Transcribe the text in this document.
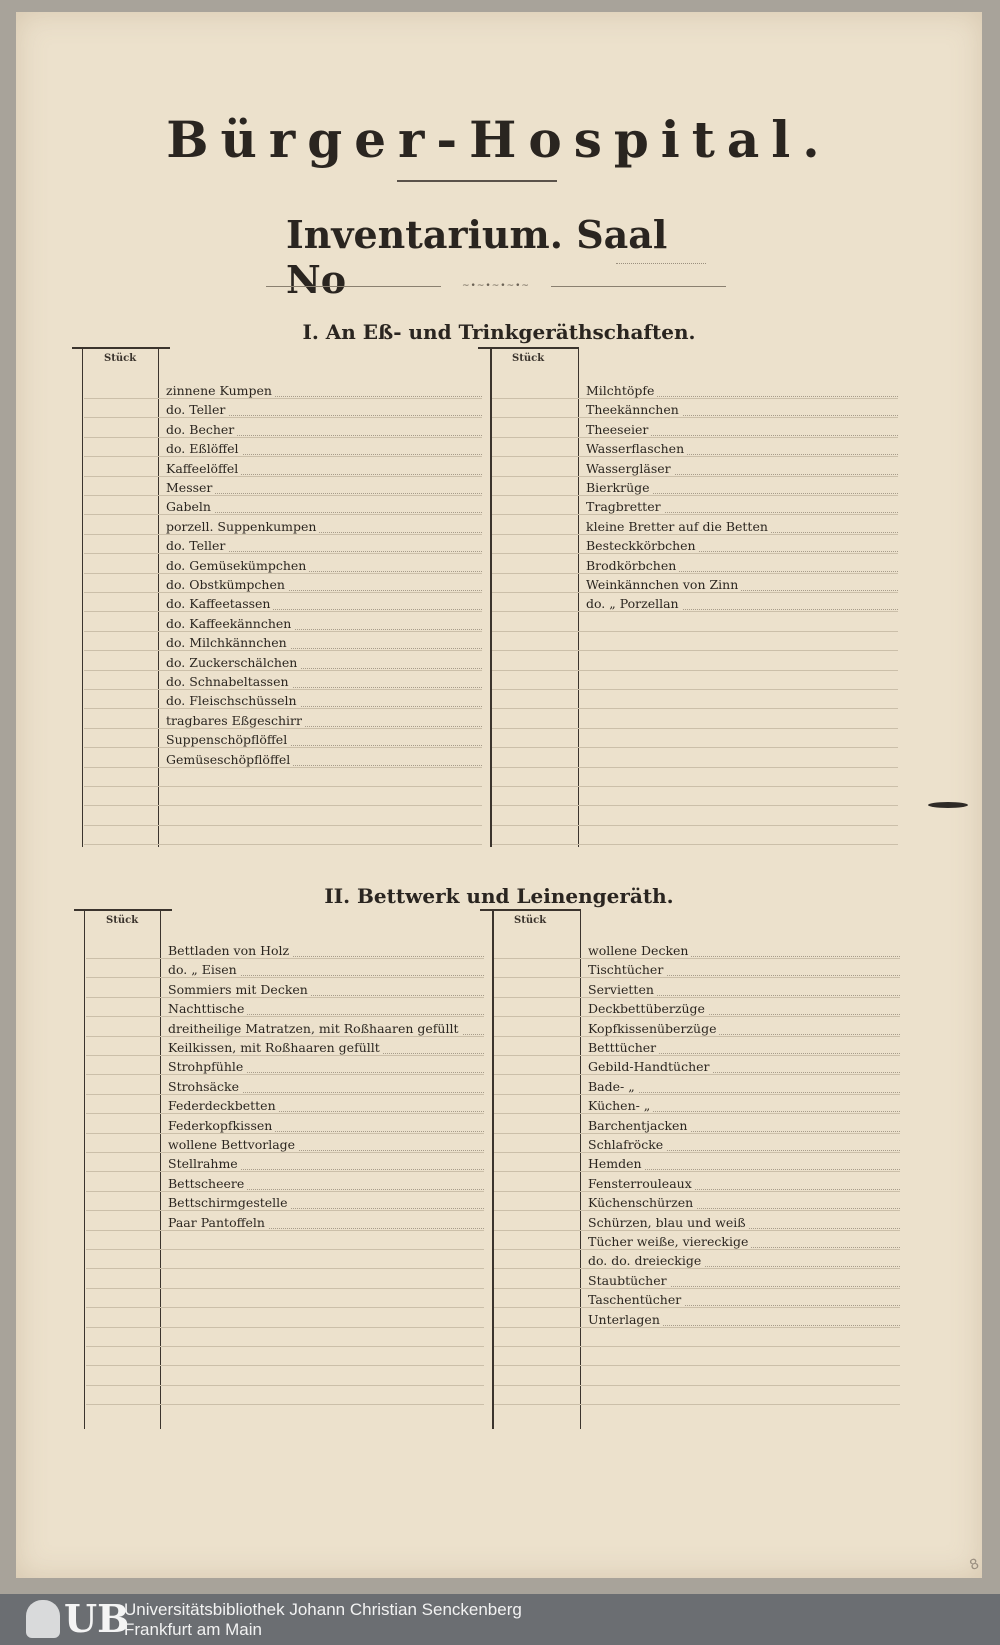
Bürger-Hospital.
Inventarium. Saal No	~•~•~•~•~
I. An Eß- und Trinkgeräthschaften.
II. Bettwerk und Leinengeräth.
Stück
zinnene Kumpen
do. Teller
do. Becher
do. Eßlöffel
Kaffeelöffel
Messer
Gabeln
porzell. Suppenkumpen
do. Teller
do. Gemüsekümpchen
do. Obstkümpchen
do. Kaffeetassen
do. Kaffeekännchen
do. Milchkännchen
do. Zuckerschälchen
do. Schnabeltassen
do. Fleischschüsseln
tragbares Eßgeschirr
Suppenschöpflöffel
Gemüseschöpflöffel
Stück
Milchtöpfe
Theekännchen
Theeseier
Wasserflaschen
Wassergläser
Bierkrüge
Tragbretter
kleine Bretter auf die Betten
Besteckkörbchen
Brodkörbchen
Weinkännchen von Zinn
do. „ Porzellan
Stück
Bettladen von Holz
do. „ Eisen
Sommiers mit Decken
Nachttische
dreitheilige Matratzen, mit Roßhaaren gefüllt
Keilkissen, mit Roßhaaren gefüllt
Strohpfühle
Strohsäcke
Federdeckbetten
Federkopfkissen
wollene Bettvorlage
Stellrahme
Bettscheere
Bettschirmgestelle
Paar Pantoffeln
Stück
wollene Decken
Tischtücher
Servietten
Deckbettüberzüge
Kopfkissenüberzüge
Betttücher
Gebild-Handtücher
Bade- „
Küchen- „
Barchentjacken
Schlafröcke
Hemden
Fensterrouleaux
Küchenschürzen
Schürzen, blau und weiß
Tücher weiße, viereckige
do. do. dreieckige
Staubtücher
Taschentücher
Unterlagen
8
UB
Universitätsbibliothek Johann Christian Senckenberg
Frankfurt am Main
